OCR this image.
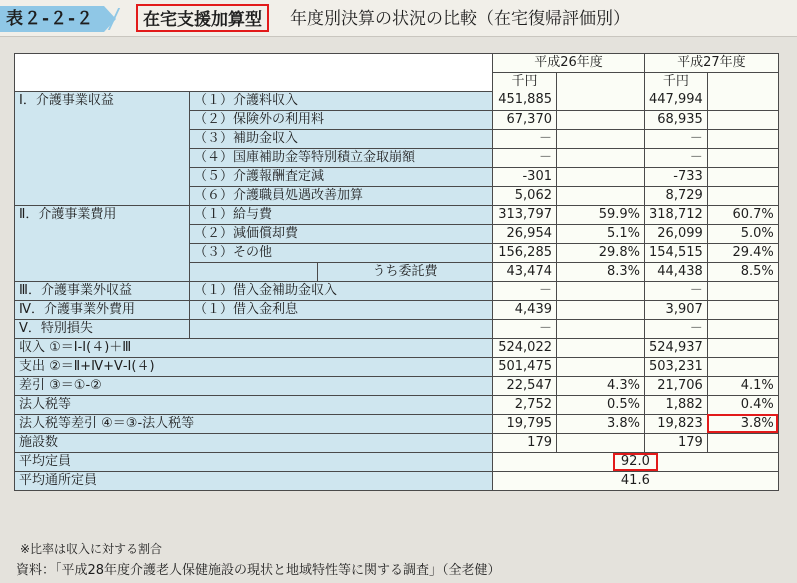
表２-２-２	在宅支援加算型	年度別決算の状況の比較（在宅復帰評価別）
			平成26年度		平成27年度	
			千円		千円	
Ⅰ．介護事業収益	（１）介護料収入		451,885		447,994	
	（２）保険外の利用料		67,370		68,935	
	（３）補助金収入		－		－	
	（４）国庫補助金等特別積立金取崩額		－		－	
	（５）介護報酬査定減		-301		-733	
	（６）介護職員処遇改善加算		5,062		8,729	
Ⅱ．介護事業費用	（１）給与費		313,797	59.9%	318,712	60.7%
	（２）減価償却費		26,954	5.1%	26,099	5.0%
	（３）その他		156,285	29.8%	154,515	29.4%
		うち委託費	43,474	8.3%	44,438	8.5%
Ⅲ．介護事業外収益	（１）借入金補助金収入		－		－	
Ⅳ．介護事業外費用	（１）借入金利息		4,439		3,907	
Ⅴ．特別損失			－		－	
収入 ①＝Ⅰ-Ⅰ(４)＋Ⅲ			524,022		524,937	
支出 ②＝Ⅱ+Ⅳ+Ⅴ-Ⅰ(４)			501,475		503,231	
差引 ③＝①-②			22,547	4.3%	21,706	4.1%
法人税等			2,752	0.5%	1,882	0.4%
法人税等差引 ④＝③-法人税等			19,795	3.8%	19,823	3.8%
施設数			179		179	
平均定員			92.0			
平均通所定員			41.6			
※比率は収入に対する割合
資料：「平成28年度介護老人保健施設の現状と地域特性等に関する調査」（全老健）
